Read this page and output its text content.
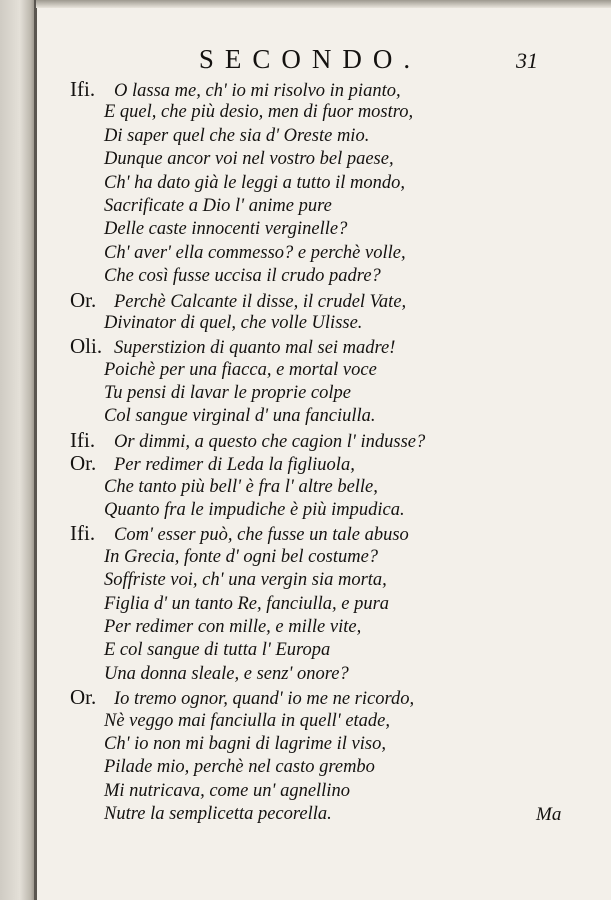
SECONDO.	31
Ifi. O lassa me, ch' io mi risolvo in pianto,
E quel, che più desio, men di fuor mostro,
Di saper quel che sia d' Oreste mio.
Dunque ancor voi nel vostro bel paese,
Ch' ha dato già le leggi a tutto il mondo,
Sacrificate a Dio l' anime pure
Delle caste innocenti verginelle?
Ch' aver' ella commesso? e perchè volle,
Che così fusse uccisa il crudo padre?
Or. Perchè Calcante il disse, il crudel Vate,
Divinator di quel, che volle Ulisse.
Oli. Superstizion di quanto mal sei madre!
Poichè per una fiacca, e mortal voce
Tu pensi di lavar le proprie colpe
Col sangue virginal d' una fanciulla.
Ifi. Or dimmi, a questo che cagion l' indusse?
Or. Per redimer di Leda la figliuola,
Che tanto più bell' è fra l' altre belle,
Quanto fra le impudiche è più impudica.
Ifi. Com' esser può, che fusse un tale abuso
In Grecia, fonte d' ogni bel costume?
Soffriste voi, ch' una vergin sia morta,
Figlia d' un tanto Re, fanciulla, e pura
Per redimer con mille, e mille vite,
E col sangue di tutta l' Europa
Una donna sleale, e senz' onore?
Or. Io tremo ognor, quand' io me ne ricordo,
Nè veggo mai fanciulla in quell' etade,
Ch' io non mi bagni di lagrime il viso,
Pilade mio, perchè nel casto grembo
Mi nutricava, come un' agnellino
Nutre la semplicetta pecorella.	Ma
